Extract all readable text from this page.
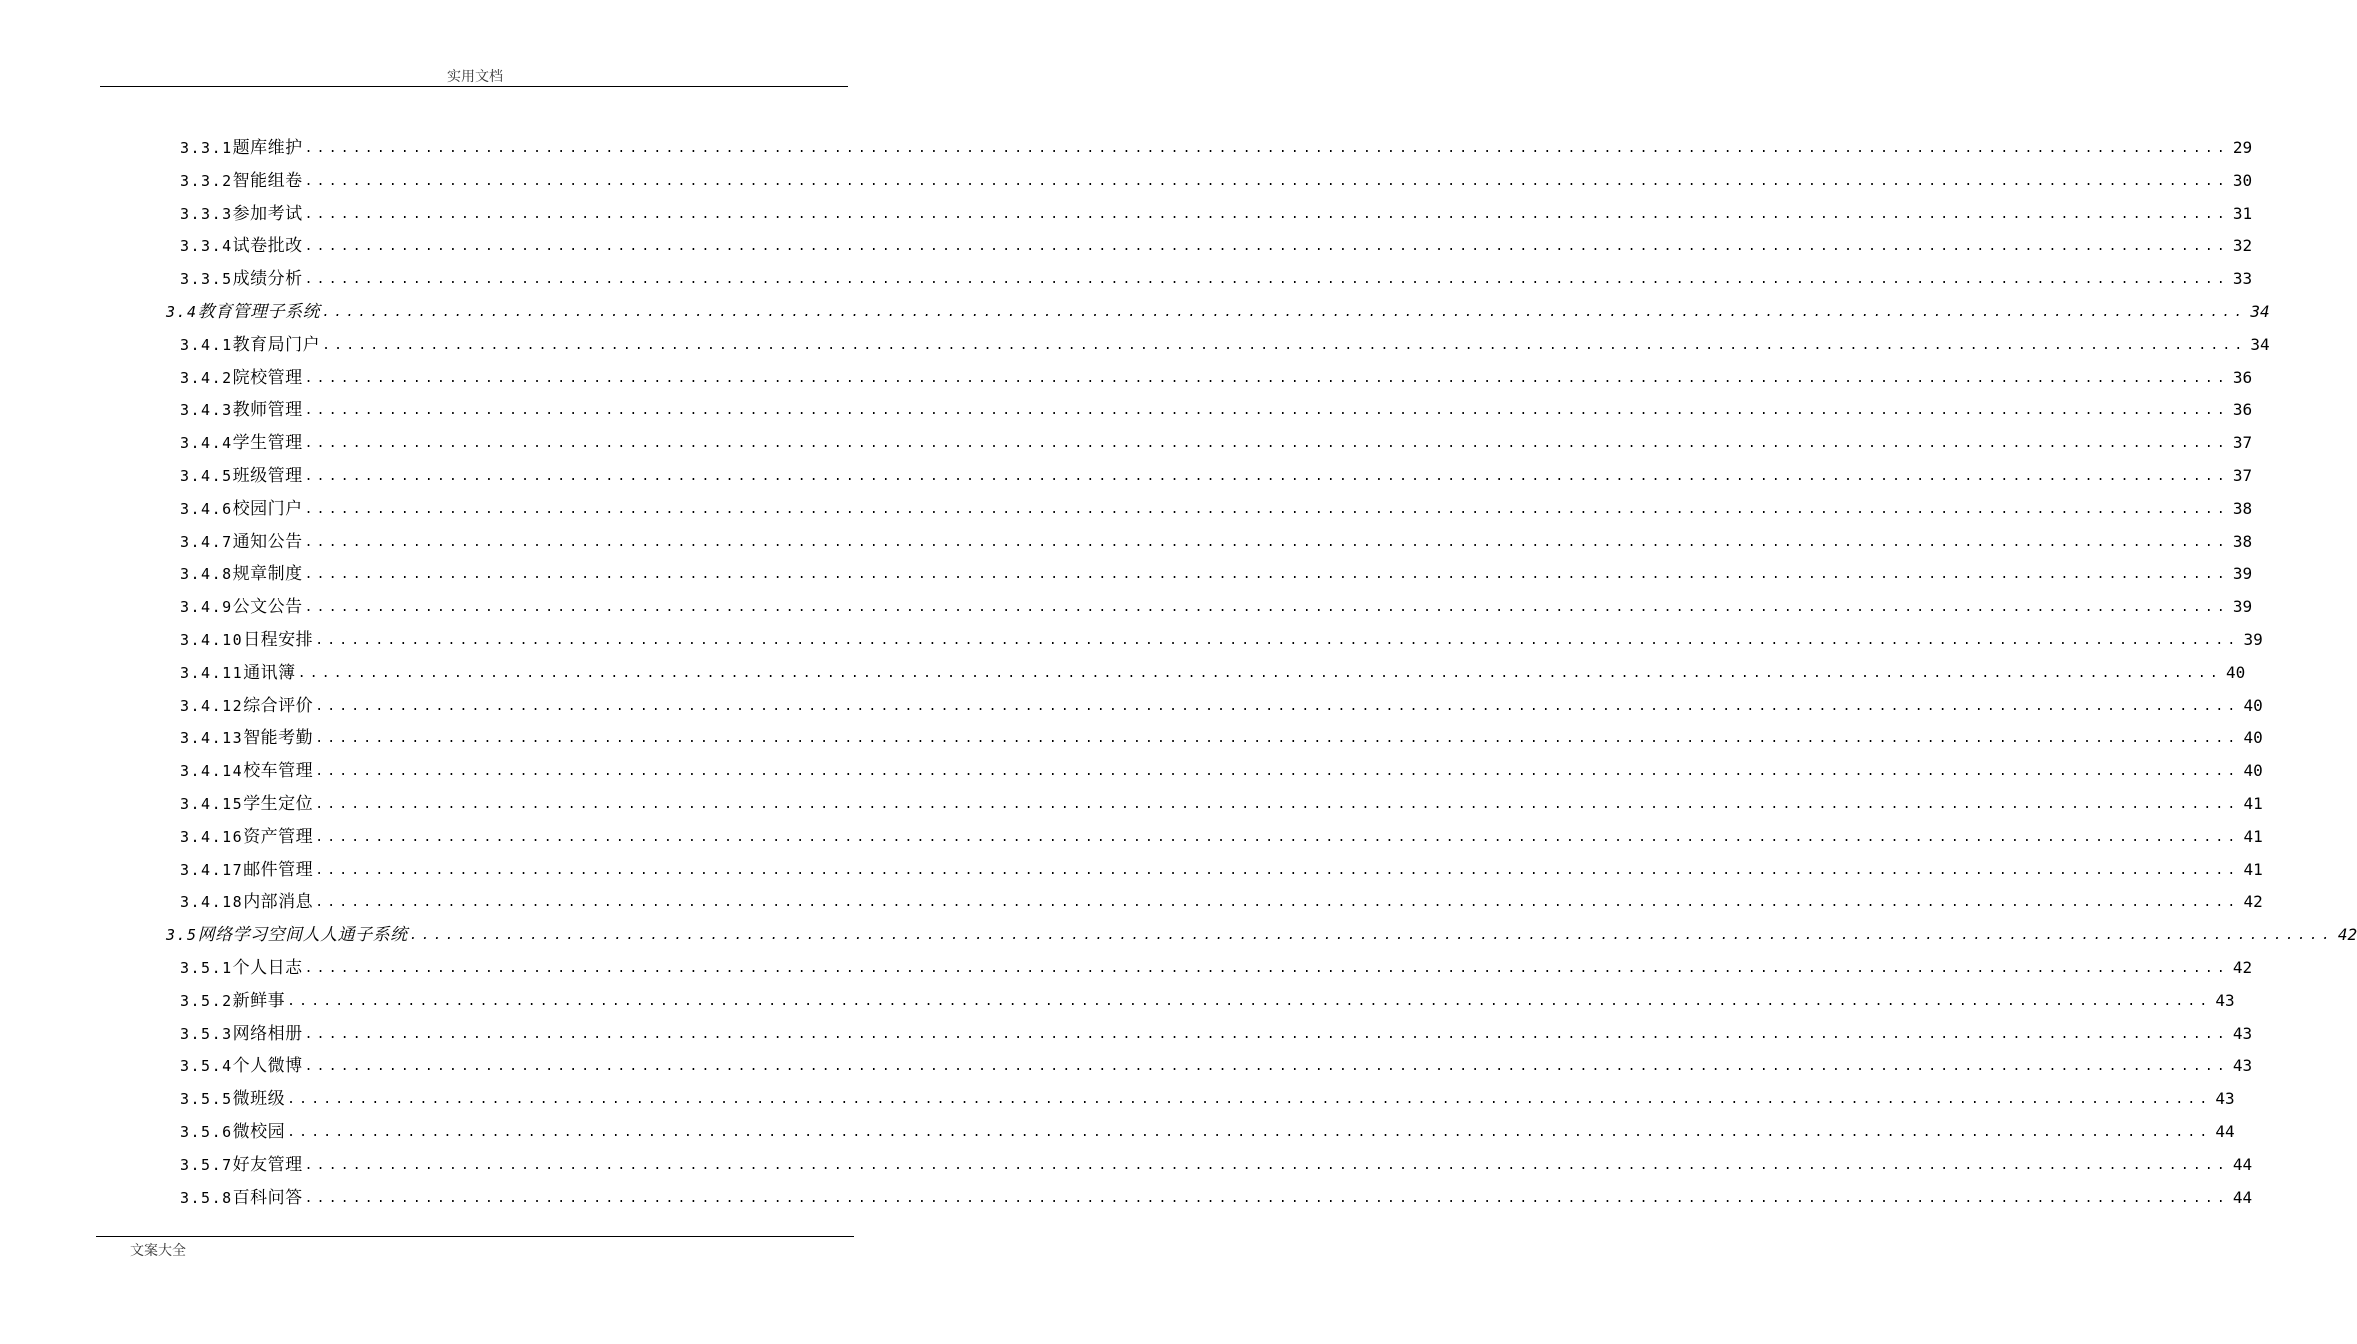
实用文档
3.3.1 题库维护 ................................................................................................................................................................ 29
3.3.2 智能组卷 ................................................................................................................................................................ 30
3.3.3 参加考试 ................................................................................................................................................................ 31
3.3.4 试卷批改 ................................................................................................................................................................ 32
3.3.5 成绩分析 ................................................................................................................................................................ 33
3.4 教育管理子系统 ................................................................................................................................................................ 34
3.4.1 教育局门户 ................................................................................................................................................................ 34
3.4.2 院校管理 ................................................................................................................................................................ 36
3.4.3 教师管理 ................................................................................................................................................................ 36
3.4.4 学生管理 ................................................................................................................................................................ 37
3.4.5 班级管理 ................................................................................................................................................................ 37
3.4.6 校园门户 ................................................................................................................................................................ 38
3.4.7 通知公告 ................................................................................................................................................................ 38
3.4.8 规章制度 ................................................................................................................................................................ 39
3.4.9 公文公告 ................................................................................................................................................................ 39
3.4.10 日程安排 ................................................................................................................................................................ 39
3.4.11 通讯簿 ................................................................................................................................................................ 40
3.4.12 综合评价 ................................................................................................................................................................ 40
3.4.13 智能考勤 ................................................................................................................................................................ 40
3.4.14 校车管理 ................................................................................................................................................................ 40
3.4.15 学生定位 ................................................................................................................................................................ 41
3.4.16 资产管理 ................................................................................................................................................................ 41
3.4.17 邮件管理 ................................................................................................................................................................ 41
3.4.18 内部消息 ................................................................................................................................................................ 42
3.5 网络学习空间人人通子系统 ................................................................................................................................................................ 42
3.5.1 个人日志 ................................................................................................................................................................ 42
3.5.2 新鲜事 ................................................................................................................................................................ 43
3.5.3 网络相册 ................................................................................................................................................................ 43
3.5.4 个人微博 ................................................................................................................................................................ 43
3.5.5 微班级 ................................................................................................................................................................ 43
3.5.6 微校园 ................................................................................................................................................................ 44
3.5.7 好友管理 ................................................................................................................................................................ 44
3.5.8 百科问答 ................................................................................................................................................................ 44
文案大全
